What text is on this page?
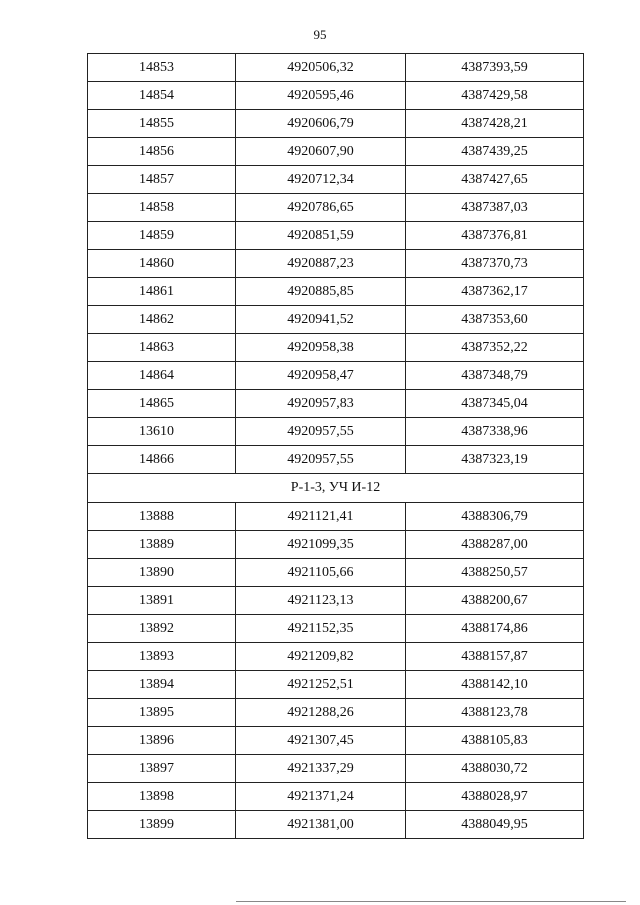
95
14853	4920506,32	4387393,59
14854	4920595,46	4387429,58
14855	4920606,79	4387428,21
14856	4920607,90	4387439,25
14857	4920712,34	4387427,65
14858	4920786,65	4387387,03
14859	4920851,59	4387376,81
14860	4920887,23	4387370,73
14861	4920885,85	4387362,17
14862	4920941,52	4387353,60
14863	4920958,38	4387352,22
14864	4920958,47	4387348,79
14865	4920957,83	4387345,04
13610	4920957,55	4387338,96
14866	4920957,55	4387323,19
Р-1-3, УЧ И-12		
13888	4921121,41	4388306,79
13889	4921099,35	4388287,00
13890	4921105,66	4388250,57
13891	4921123,13	4388200,67
13892	4921152,35	4388174,86
13893	4921209,82	4388157,87
13894	4921252,51	4388142,10
13895	4921288,26	4388123,78
13896	4921307,45	4388105,83
13897	4921337,29	4388030,72
13898	4921371,24	4388028,97
13899	4921381,00	4388049,95
